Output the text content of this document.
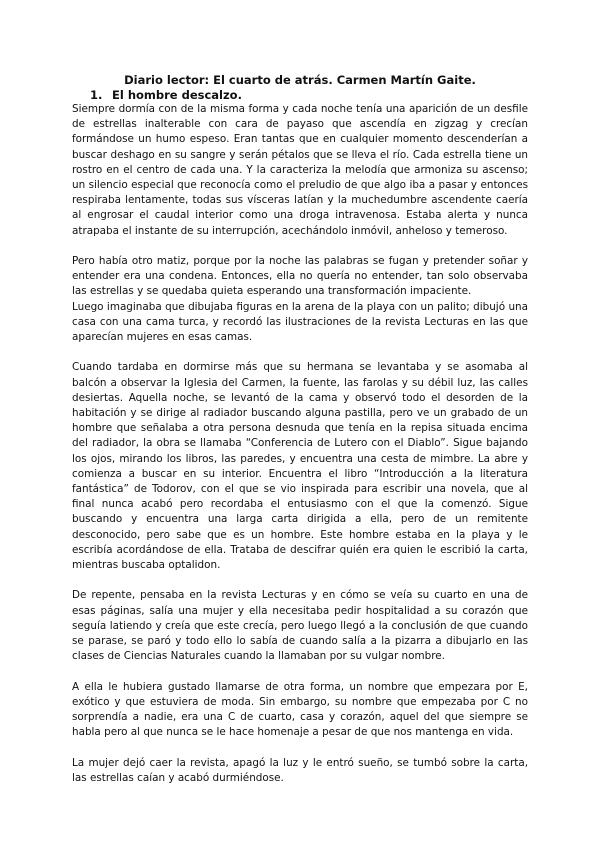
Diario lector: El cuarto de atrás. Carmen Martín Gaite.
1. El hombre descalzo.

Siempre dormía con de la misma forma y cada noche tenía una aparición de un desfile de estrellas inalterable con cara de payaso que ascendía en zigzag y crecían formándose un humo espeso. Eran tantas que en cualquier momento descenderían a buscar deshago en su sangre y serán pétalos que se lleva el río. Cada estrella tiene un rostro en el centro de cada una. Y la caracteriza la melodía que armoniza su ascenso; un silencio especial que reconocía como el preludio de que algo iba a pasar y entonces respiraba lentamente, todas sus vísceras latían y la muchedumbre ascendente caería al engrosar el caudal interior como una droga intravenosa. Estaba alerta y nunca atrapaba el instante de su interrupción, acechándolo inmóvil, anheloso y temeroso.

Pero había otro matiz, porque por la noche las palabras se fugan y pretender soñar y entender era una condena. Entonces, ella no quería no entender, tan solo observaba las estrellas y se quedaba quieta esperando una transformación impaciente.

Luego imaginaba que dibujaba figuras en la arena de la playa con un palito; dibujó una casa con una cama turca, y recordó las ilustraciones de la revista Lecturas en las que aparecían mujeres en esas camas.

Cuando tardaba en dormirse más que su hermana se levantaba y se asomaba al balcón a observar la Iglesia del Carmen, la fuente, las farolas y su débil luz, las calles desiertas. Aquella noche, se levantó de la cama y observó todo el desorden de la habitación y se dirige al radiador buscando alguna pastilla, pero ve un grabado de un hombre que señalaba a otra persona desnuda que tenía en la repisa situada encima del radiador, la obra se llamaba “Conferencia de Lutero con el Diablo”. Sigue bajando los ojos, mirando los libros, las paredes, y encuentra una cesta de mimbre. La abre y comienza a buscar en su interior. Encuentra el libro “Introducción a la literatura fantástica” de Todorov, con el que se vio inspirada para escribir una novela, que al final nunca acabó pero recordaba el entusiasmo con el que la comenzó. Sigue buscando y encuentra una larga carta dirigida a ella, pero de un remitente desconocido, pero sabe que es un hombre. Este hombre estaba en la playa y le escribía acordándose de ella. Trataba de descifrar quién era quien le escribió la carta, mientras buscaba optalidon.

De repente, pensaba en la revista Lecturas y en cómo se veía su cuarto en una de esas páginas, salía una mujer y ella necesitaba pedir hospitalidad a su corazón que seguía latiendo y creía que este crecía, pero luego llegó a la conclusión de que cuando se parase, se paró y todo ello lo sabía de cuando salía a la pizarra a dibujarlo en las clases de Ciencias Naturales cuando la llamaban por su vulgar nombre.

A ella le hubiera gustado llamarse de otra forma, un nombre que empezara por E, exótico y que estuviera de moda. Sin embargo, su nombre que empezaba por C no sorprendía a nadie, era una C de cuarto, casa y corazón, aquel del que siempre se habla pero al que nunca se le hace homenaje a pesar de que nos mantenga en vida.

La mujer dejó caer la revista, apagó la luz y le entró sueño, se tumbó sobre la carta, las estrellas caían y acabó durmiéndose.
